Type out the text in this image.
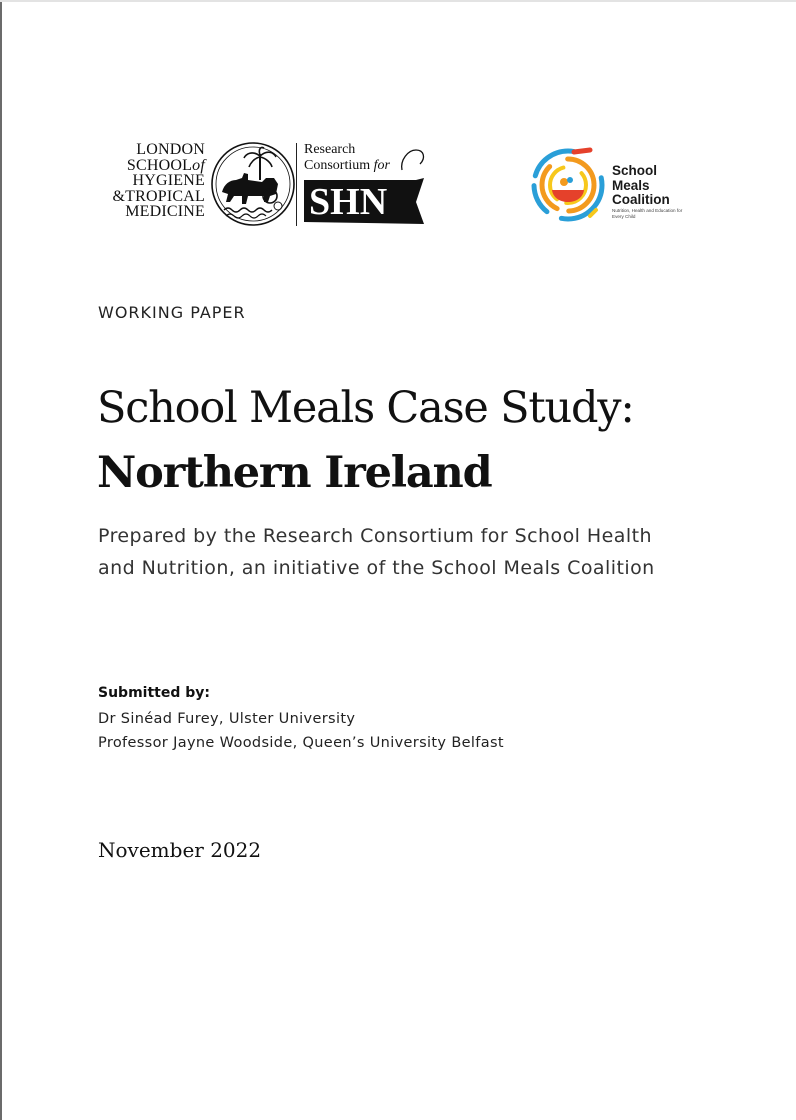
LONDON
SCHOOLof
HYGIENE
&TROPICAL
MEDICINE
Research
Consortium for
SHN
School
Meals
Coalition
Nutrition, Health and Education for Every Child
WORKING PAPER
School Meals Case Study:
Northern Ireland
Prepared by the Research Consortium for School Health
and Nutrition, an initiative of the School Meals Coalition
Submitted by:
Dr Sinéad Furey, Ulster University
Professor Jayne Woodside, Queen’s University Belfast
November 2022
